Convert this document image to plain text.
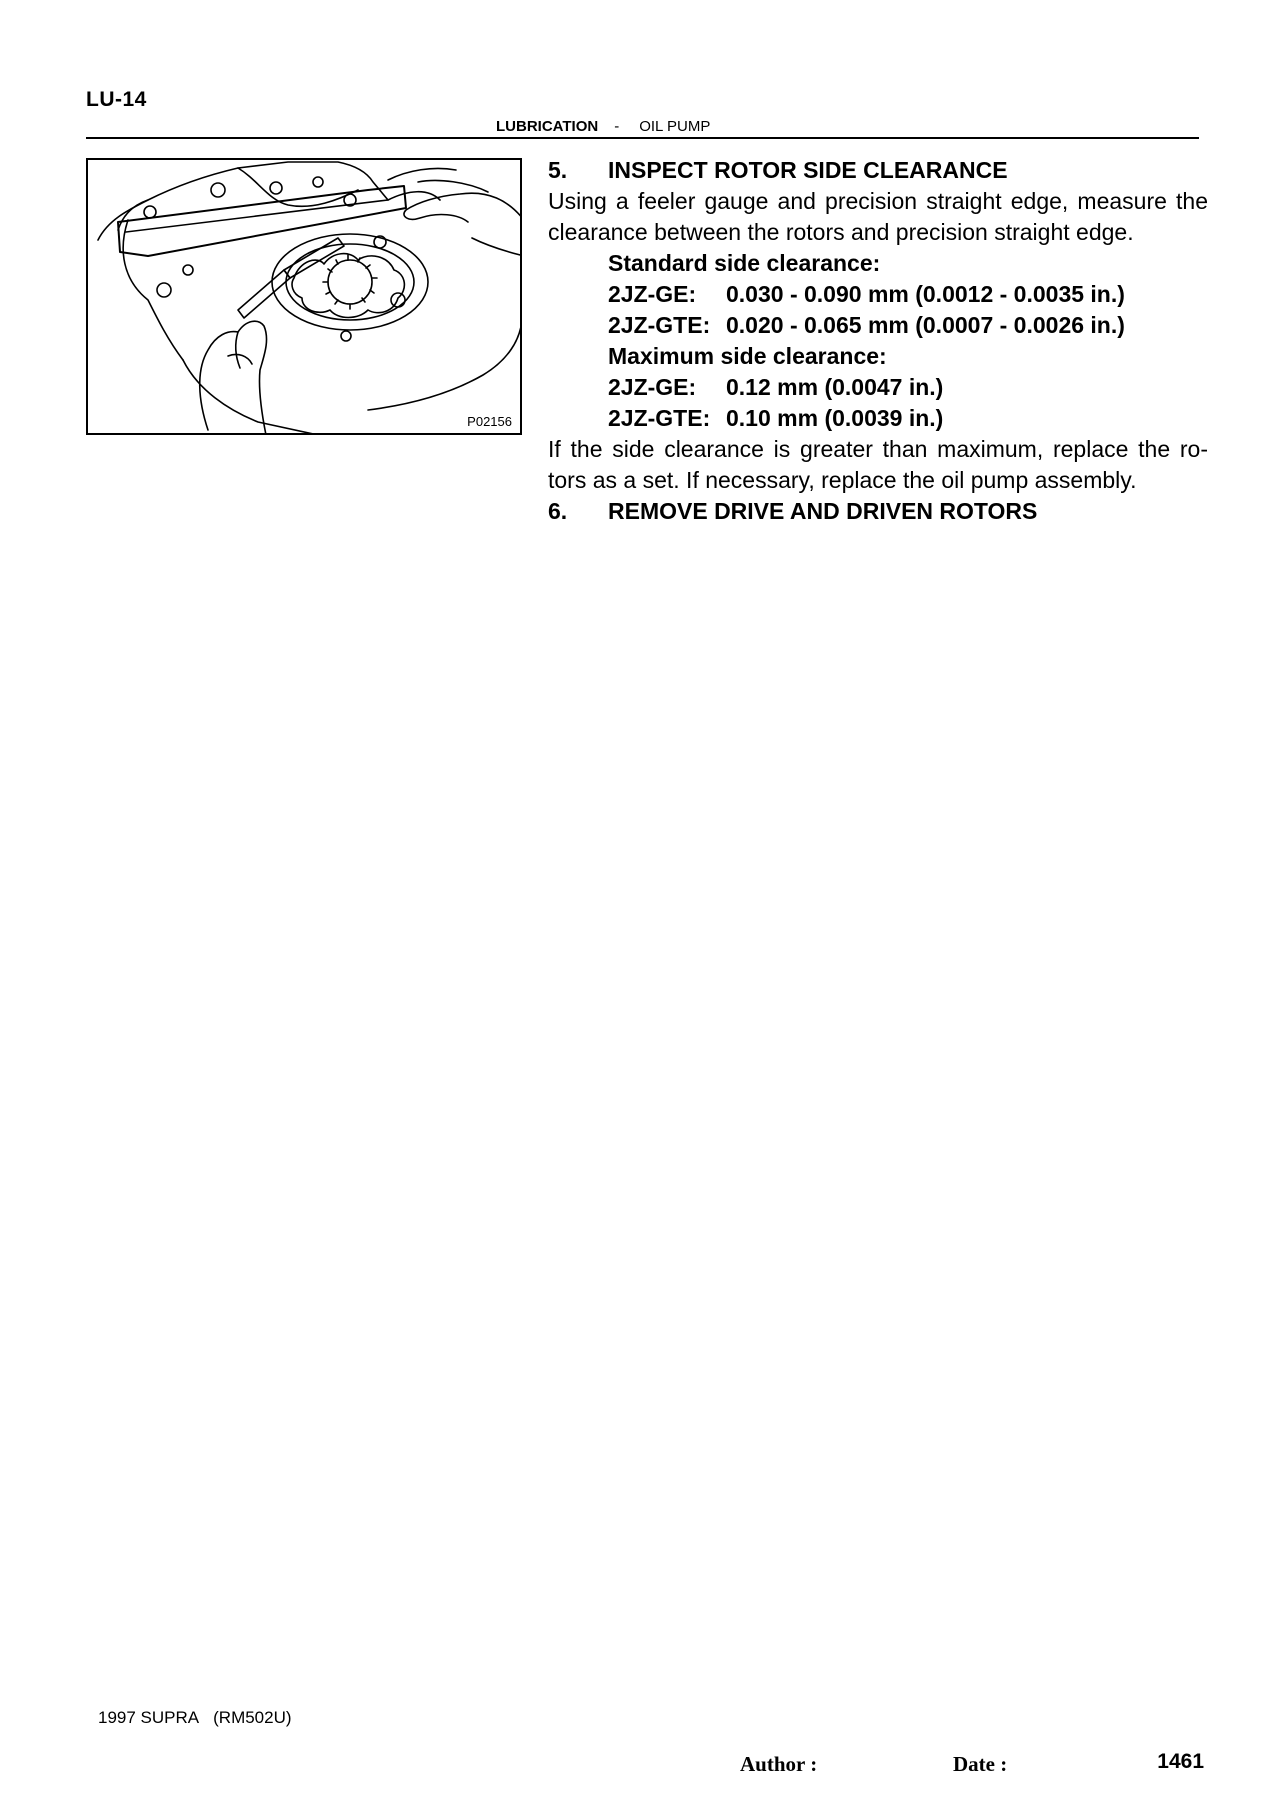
LU-14
LUBRICATION - OIL PUMP
P02156
5.	INSPECT ROTOR SIDE CLEARANCE
Using a feeler gauge and precision straight edge, measure the clearance between the rotors and precision straight edge.
Standard side clearance:
2JZ-GE: 0.030 - 0.090 mm (0.0012 - 0.0035 in.)
2JZ-GTE: 0.020 - 0.065 mm (0.0007 - 0.0026 in.)
Maximum side clearance:
2JZ-GE: 0.12 mm (0.0047 in.)
2JZ-GTE: 0.10 mm (0.0039 in.)
If the side clearance is greater than maximum, replace the ro-tors as a set. If necessary, replace the oil pump assembly.
6.	REMOVE DRIVE AND DRIVEN ROTORS
1997 SUPRA (RM502U)
Author :	Date :	1461
